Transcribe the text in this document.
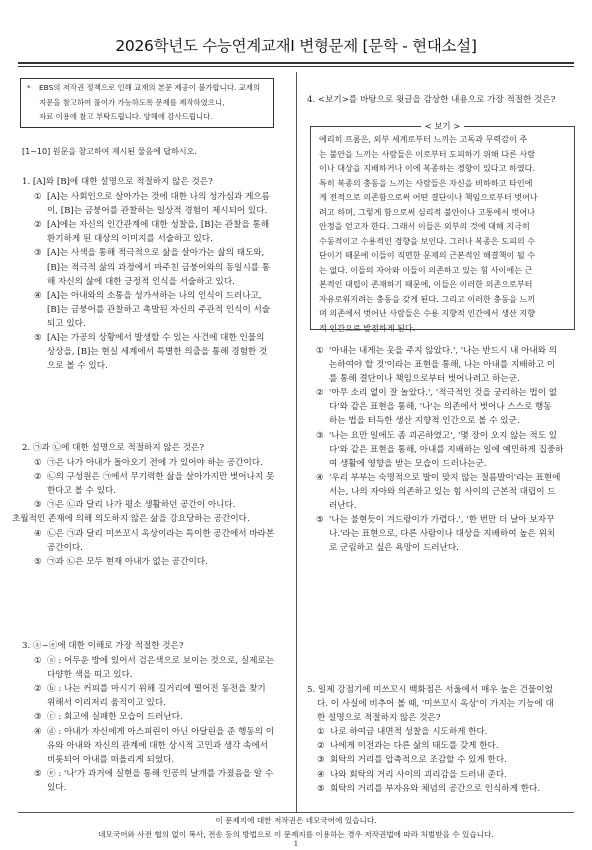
2026학년도 수능연계교재Ⅰ 변형문제 [문학 - 현대소설]
* EBS의 저작권 정책으로 인해 교재의 본문 제공이 불가합니다. 교재의
지문을 참고하여 풀이가 가능하도록 문제를 제작하였으니,
자료 이용에 참고 부탁드립니다. 양해에 감사드립니다.
[1~10] 원문을 참고하여 제시된 물음에 답하시오.
1. [A]와 [B]에 대한 설명으로 적절하지 않은 것은?
① [A]는 사회인으로 살아가는 것에 대한 나의 성가심과 게으름
이, [B]는 금붕어를 관찰하는 일상적 경험이 제시되어 있다.
② [A]에는 자신의 인간관계에 대한 성찰을, [B]는 관찰을 통해
환기하게 된 대상의 이미지를 서술하고 있다.
③ [A]는 사색을 통해 적극적으로 삶을 살아가는 삶의 태도와,
[B]는 적극적 삶의 과정에서 마주친 금붕어와의 동일시를 통
해 자신의 삶에 대한 긍정적 인식을 서술하고 있다.
④ [A]는 아내와의 소통을 성가셔하는 나의 인식이 드러나고,
[B]는 금붕어를 관찰하고 촉발된 자신의 주관적 인식이 서술
되고 있다.
⑤ [A]는 가공의 상황에서 발생할 수 있는 사건에 대한 인물의
상상을, [B]는 현실 세계에서 특별한 의출을 통해 경험한 것
으로 볼 수 있다.
2. ㉠과 ㉡에 대한 설명으로 적절하지 않은 것은?
① ㉠은 나가 아내가 돌아오기 전에 가 있어야 하는 공간이다.
② ㉡의 구성원은 ㉠에서 무기력한 삶을 살아가지만 벗어나지 못
한다고 볼 수 있다.
③ ㉠은 ㉡과 달리 나가 평소 생활하던 공간이 아니다.
초월적인 존재에 의해 의도하지 않은 삶을 강요당하는 공간이다.
④ ㉡은 ㉠과 달리 미쓰꼬시 옥상이라는 특이한 공간에서 바라본
공간이다.
⑤ ㉠과 ㉡은 모두 현재 아내가 없는 공간이다.
3. ⓐ~ⓔ에 대한 이해로 가장 적절한 것은?
① ⓐ : 어두운 방에 있어서 검은색으로 보이는 것으로, 실제로는
다양한 색을 띠고 있다.
② ⓑ : 나는 커피를 마시기 위해 길거리에 떨어진 동전을 찾기
위해서 이리저리 움직이고 있다.
③ ⓒ : 회고에 실패한 모습이 드러난다.
④ ⓓ : 아내가 자신에게 아스피린이 아닌 아달린을 준 행동의 이
유와 아내와 자신의 관계에 대한 상시적 고민과 생각 속에서
비롯되어 아내를 떠올리게 되었다.
⑤ ⓔ : '나'가 과거에 실현을 통해 인공의 날개를 가졌음을 알 수
있다.
4. <보기>를 바탕으로 윗글을 감상한 내용으로 가장 적절한 것은?
< 보기 >
에리히 프롬은, 외부 세계로부터 느끼는 고독과 무력감이 주
는 불안을 느끼는 사람들은 이로부터 도피하기 위해 다른 사람
이나 대상을 지배하거나 이에 복종하는 경향이 있다고 하였다.
특히 복종의 충동을 느끼는 사람들은 자신을 비하하고 타인에
게 전적으로 의존함으로써 어떤 결단이나 책임으로부터 벗어나
려고 하며, 그렇게 함으로써 심리적 불안이나 고통에서 벗어나
안정을 얻고자 한다. 그래서 이들은 외부의 것에 대해 지극히
수동적이고 수용적인 경향을 보인다. 그러나 복종은 도피의 수
단이기 때문에 이들이 직면한 문제의 근본적인 해결책이 될 수
는 없다. 이들의 자아와 이들이 의존하고 있는 힘 사이에는 근
본적인 대립이 존재하기 때문에, 이들은 이러한 의존으로부터
자유로워지려는 충동을 갖게 된다. 그리고 이러한 충동을 느끼
며 의존에서 벗어난 사람들은 수용 지향적 인간에서 생산 지향
적 인간으로 발전하게 된다.
① '아내는 내게는 옷을 주지 않았다.', '나는 반드시 내 아내와 의
논하여야 할 것'이라는 표현을 통해, 나는 아내를 지배하고 이
를 통해 결단이나 책임으로부터 벗어나려고 하는군.
② '아무 소리 없이 잘 놀았다.', '적극적인 것을 궁리하는 법이 없
다'와 같은 표현을 통해, '나'는 의존에서 벗어나 스스로 행동
하는 법을 터득한 생산 지향적 인간으로 볼 수 있군.
③ '나는 요만 일에도 좀 괴곤하였고', '몇 장이 오지 않는 적도 있
다'와 같은 표현을 통해, 아내를 지배하는 일에 예민하게 집중하
여 생활에 영향을 받는 모습이 드러나는군.
④ '우리 부부는 숙명적으로 발이 맞지 않는 절름발이'라는 표현에
서는, 나의 자아와 의존하고 있는 힘 사이의 근본적 대립이 드
러난다.
⑤ '나는 불현듯이 겨드랑이가 가렵다.', '한 번만 더 날아 보자꾸
나.'라는 표현으로, 다른 사람이나 대상을 지배하여 높은 위치
로 군림하고 싶은 욕망이 드러난다.
5. 일제 강점기에 미쓰꼬시 백화점은 서울에서 매우 높은 건물이었
다. 이 사실에 비추어 볼 때, '미쓰꼬시 옥상'이 가지는 기능에 대
한 설명으로 적절하지 않은 것은?
① 나로 하여금 내면적 성찰을 시도하게 한다.
② 나에게 이전과는 다른 삶의 태도를 갖게 한다.
③ 회탁의 거리를 압축적으로 조감할 수 있게 한다.
④ 나와 회탁의 거리 사이의 괴리감을 드러내 준다.
⑤ 회탁의 거리를 부자유와 체념의 공간으로 인식하게 한다.
이 문제지에 대한 저작권은 네모국어에 있습니다.
네모국어와 사전 협의 없이 복사, 전송 등의 방법으로 이 문제지를 이용하는 경우 저작권법에 따라 처벌받을 수 있습니다.
1
